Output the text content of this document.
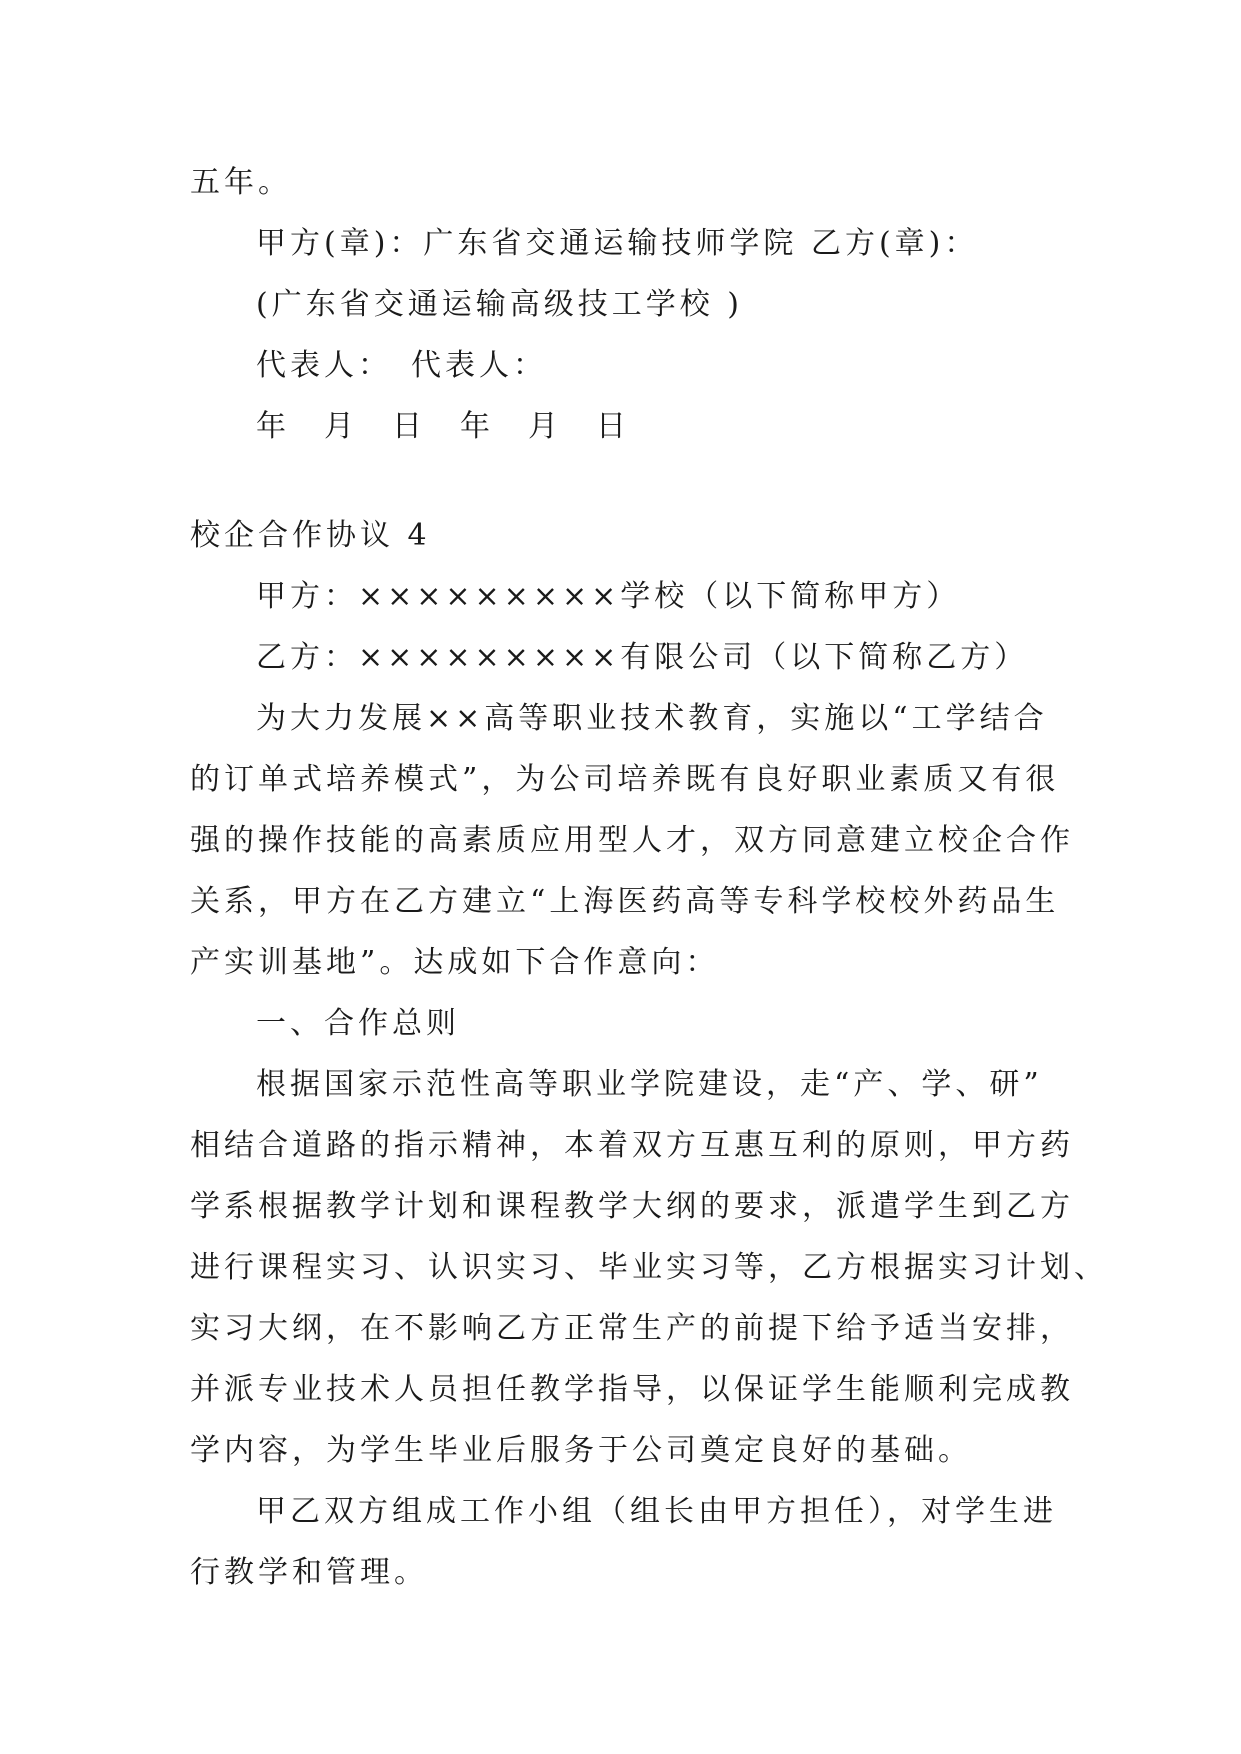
五年。
甲方(章)：广东省交通运输技师学院 乙方(章)：
(广东省交通运输高级技工学校 )
代表人：　代表人：
年　月　日　年　月　日
校企合作协议 4
甲方：×××××××××学校（以下简称甲方）
乙方：×××××××××有限公司（以下简称乙方）
为大力发展××高等职业技术教育，实施以“工学结合
的订单式培养模式”，为公司培养既有良好职业素质又有很
强的操作技能的高素质应用型人才，双方同意建立校企合作
关系，甲方在乙方建立“上海医药高等专科学校校外药品生
产实训基地”。达成如下合作意向：
一、合作总则
根据国家示范性高等职业学院建设，走“产、学、研”
相结合道路的指示精神，本着双方互惠互利的原则，甲方药
学系根据教学计划和课程教学大纲的要求，派遣学生到乙方
进行课程实习、认识实习、毕业实习等，乙方根据实习计划、
实习大纲，在不影响乙方正常生产的前提下给予适当安排，
并派专业技术人员担任教学指导，以保证学生能顺利完成教
学内容，为学生毕业后服务于公司奠定良好的基础。
甲乙双方组成工作小组（组长由甲方担任），对学生进
行教学和管理。
